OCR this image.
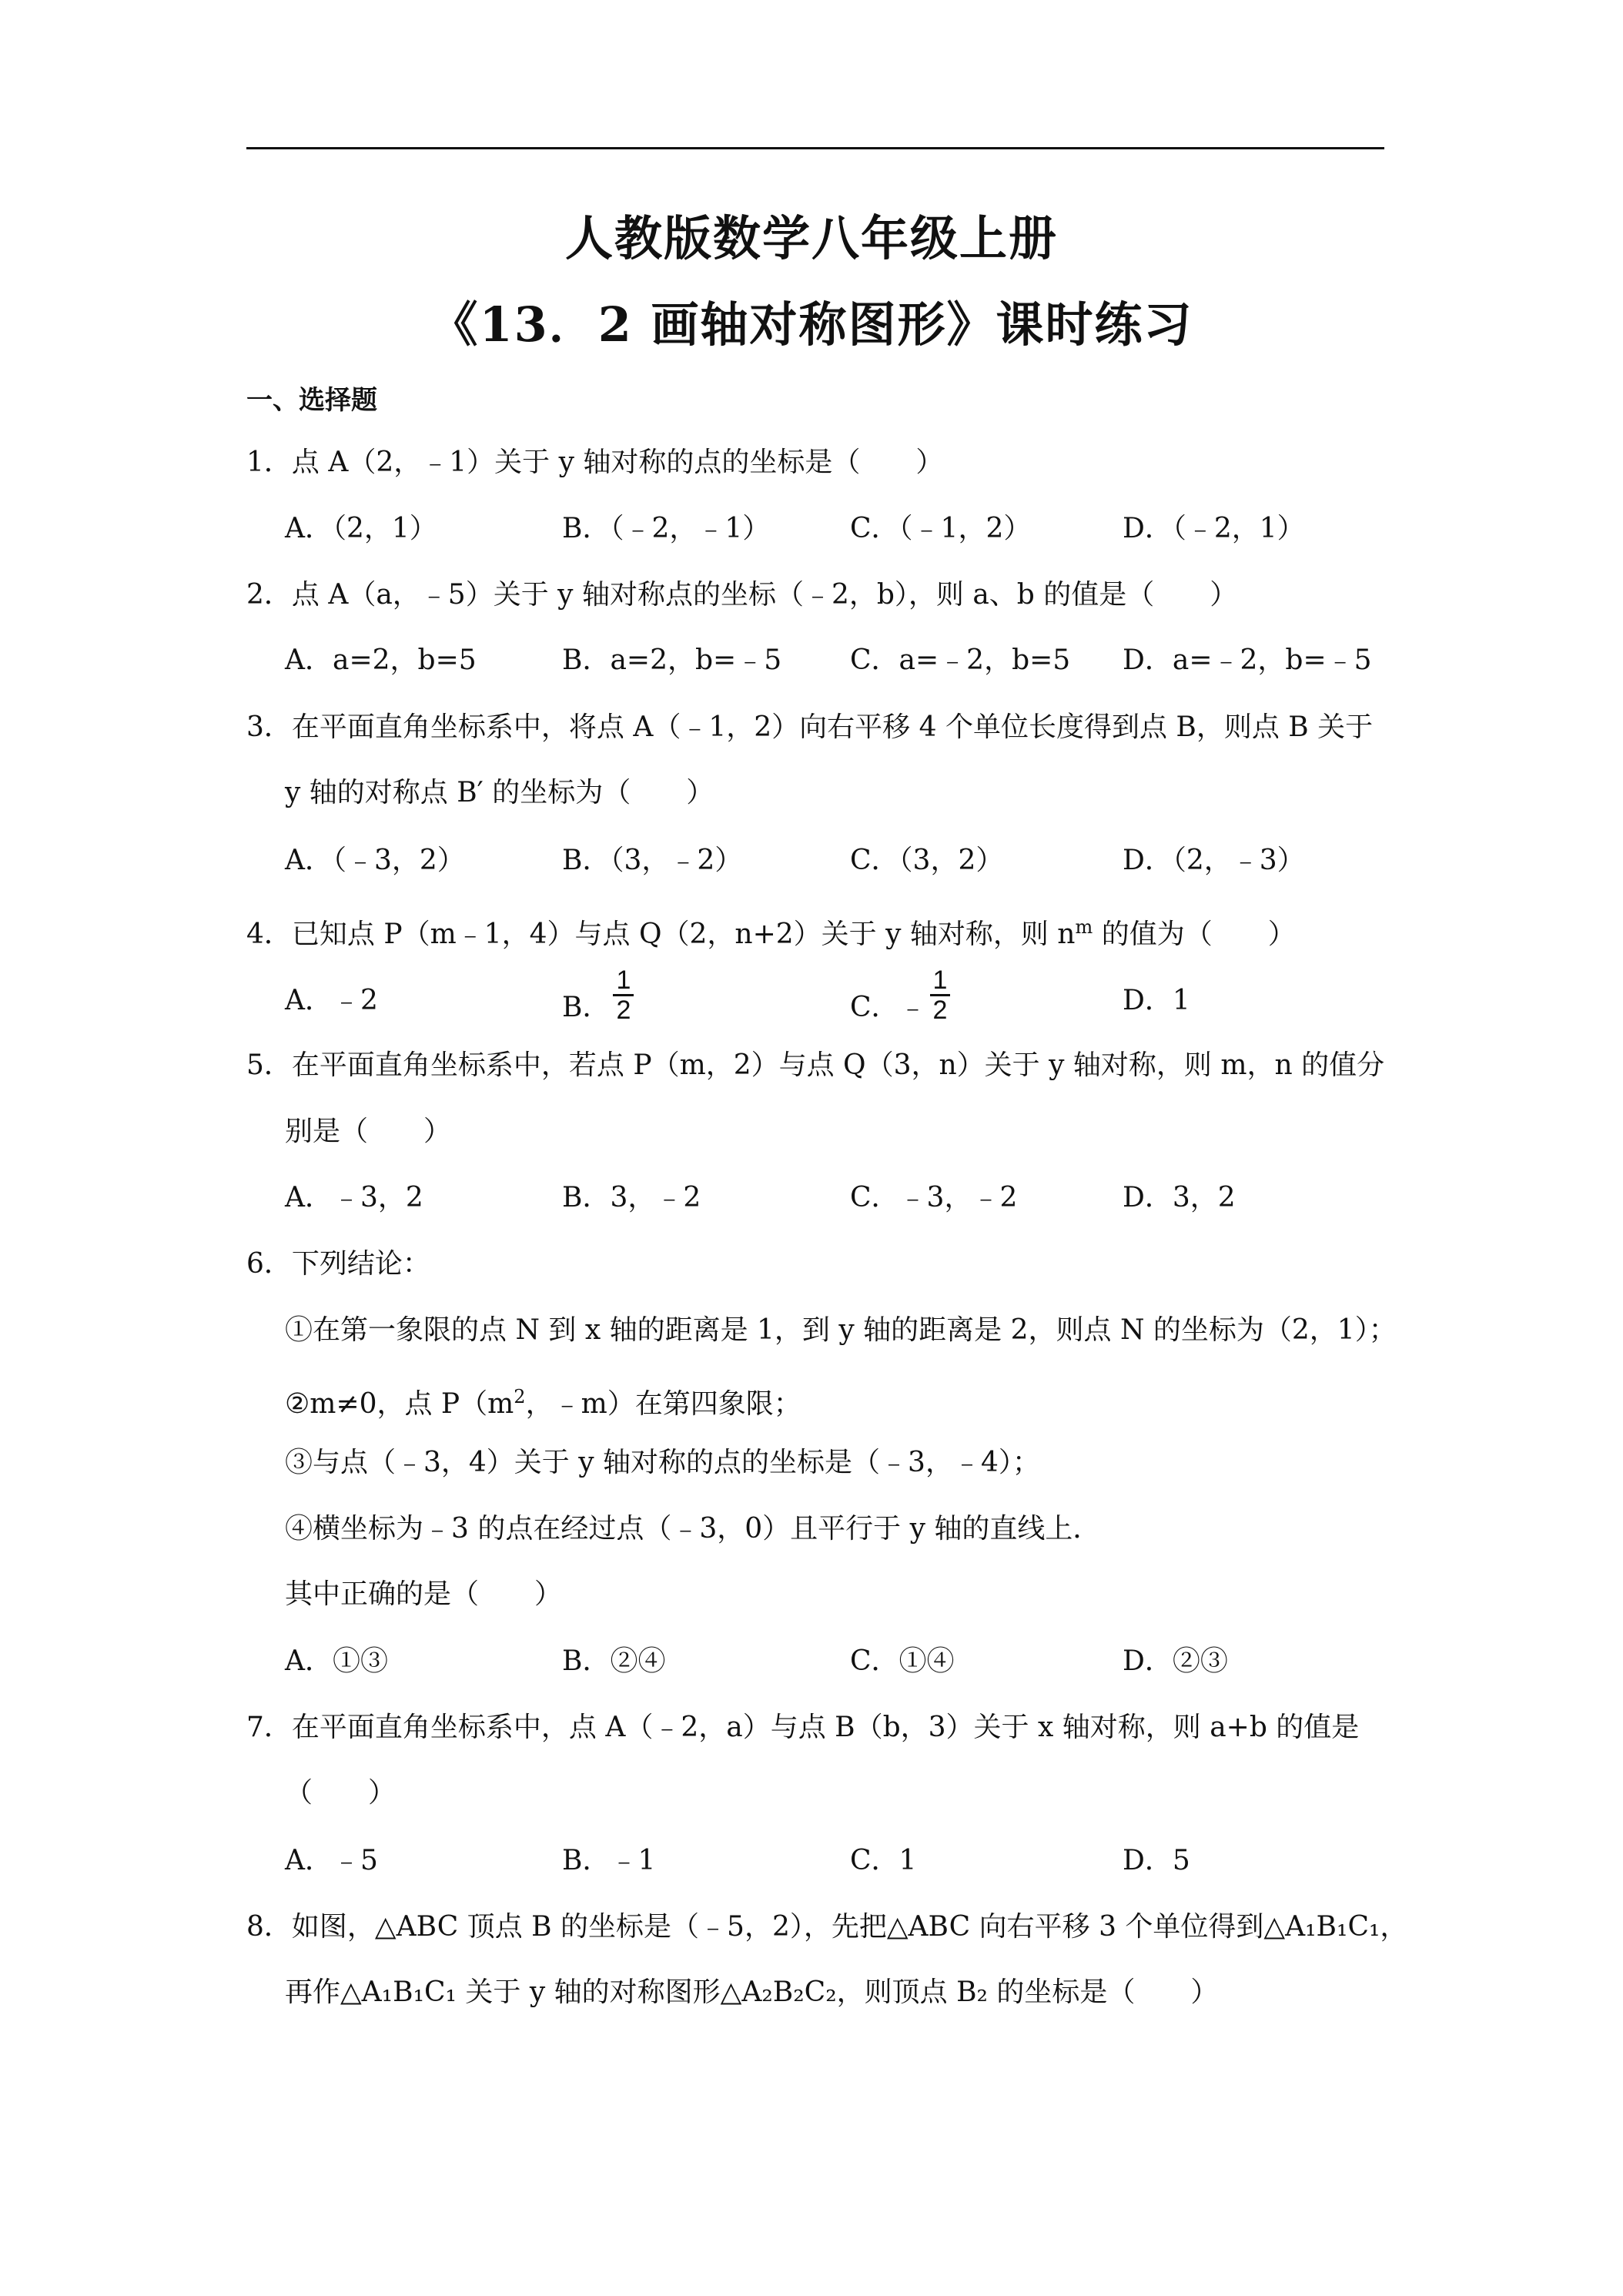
人教版数学八年级上册
《13．2 画轴对称图形》课时练习
一、选择题
1．点 A（2，﹣1）关于 y 轴对称的点的坐标是（　　）
A．（2，1）	B．（﹣2，﹣1）	C．（﹣1，2）	D．（﹣2，1）
2．点 A（a，﹣5）关于 y 轴对称点的坐标（﹣2，b），则 a、b 的值是（　　）
A．a=2，b=5	B．a=2，b=﹣5 C．a=﹣2，b=5 D．a=﹣2，b=﹣5
3．在平面直角坐标系中，将点 A（﹣1，2）向右平移 4 个单位长度得到点 B，则点 B 关于
y 轴的对称点 B′ 的坐标为（　　）
A．（﹣3，2）	B．（3，﹣2）	C．（3，2）	D．（2，﹣3）
4．已知点 P（m﹣1，4）与点 Q（2，n+2）关于 y 轴对称，则 $n^m$ 的值为（　　）
A．﹣2	B． $\frac{1}{2}$	C．﹣ $\frac{1}{2}$	D．1
5．在平面直角坐标系中，若点 P（m，2）与点 Q（3，n）关于 y 轴对称，则 m，n 的值分
别是（　　）
A．﹣3，2	B．3，﹣2	C．﹣3，﹣2	D．3，2
6．下列结论：
①在第一象限的点 N 到 x 轴的距离是 1，到 y 轴的距离是 2，则点 N 的坐标为（2，1）；
②m≠0，点 $P(m^2$，﹣m）在第四象限；
③与点（﹣3，4）关于 y 轴对称的点的坐标是（﹣3，﹣4）；
④横坐标为﹣3 的点在经过点（﹣3，0）且平行于 y 轴的直线上．
其中正确的是（　　）
A．①③	B．②④	C．①④	D．②③
7．在平面直角坐标系中，点 A（﹣2，a）与点 B（b，3）关于 x 轴对称，则 a+b 的值是
（　　）
A．﹣5	B．﹣1	C．1	D．5
8．如图，△ABC 顶点 B 的坐标是（﹣5，2），先把△ABC 向右平移 3 个单位得到△A₁B₁C₁，
再作△A₁B₁C₁ 关于 y 轴的对称图形△A₂B₂C₂，则顶点 B₂ 的坐标是（　　）
